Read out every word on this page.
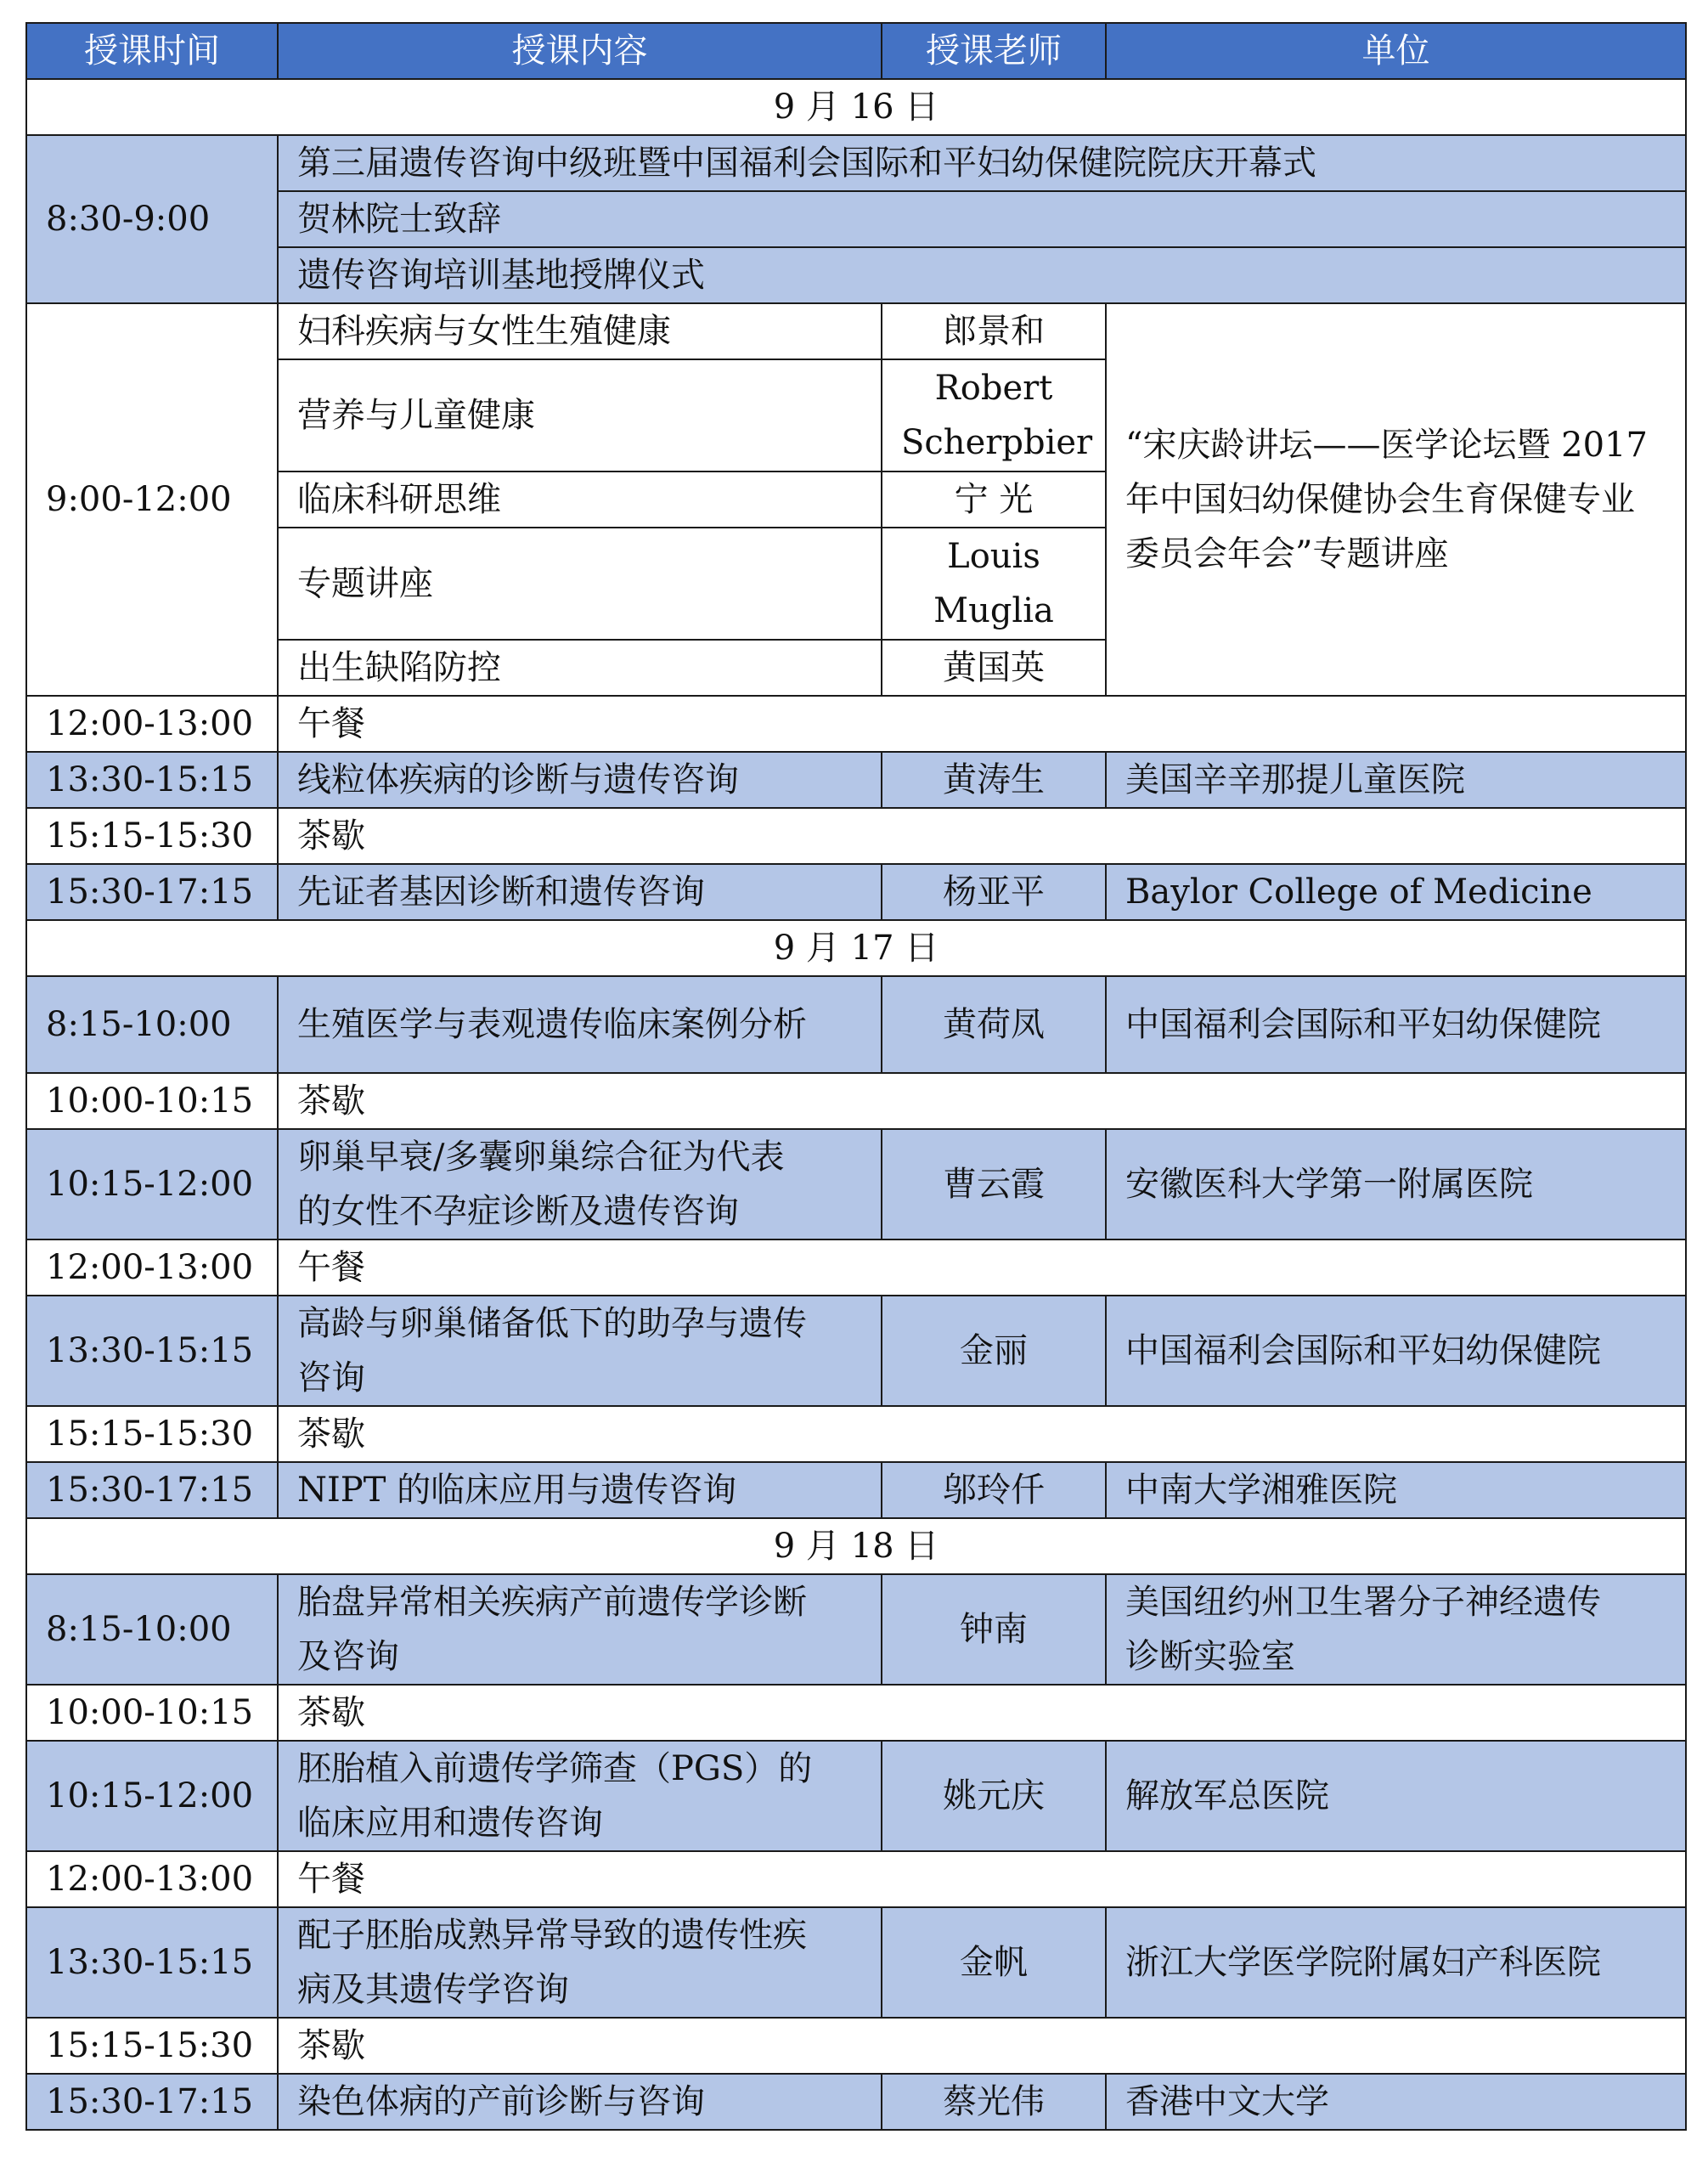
授课时间	授课内容	授课老师	单位
9 月 16 日			
8:30-9:00	第三届遗传咨询中级班暨中国福利会国际和平妇幼保健院院庆开幕式		
	贺林院士致辞		
	遗传咨询培训基地授牌仪式		
9:00-12:00	妇科疾病与女性生殖健康	郎景和	“宋庆龄讲坛——医学论坛暨 2017 年中国妇幼保健协会生育保健专业委员会年会”专题讲座
	营养与儿童健康	Robert
Scherpbier	

	临床科研思维	宁 光	
	专题讲座	Louis
Muglia	

	出生缺陷防控	黄国英	
12:00-13:00	午餐		

13:30-15:15	线粒体疾病的诊断与遗传咨询	黄涛生	美国辛辛那提儿童医院

15:15-15:30	茶歇		

15:30-17:15	先证者基因诊断和遗传咨询	杨亚平	Baylor College of Medicine

9 月 17 日			
8:15-10:00	生殖医学与表观遗传临床案例分析	黄荷凤	中国福利会国际和平妇幼保健院

10:00-10:15	茶歇		

10:15-12:00	卵巢早衰/多囊卵巢综合征为代表
的女性不孕症诊断及遗传咨询	曹云霞	安徽医科大学第一附属医院

12:00-13:00	午餐		

13:30-15:15	高龄与卵巢储备低下的助孕与遗传
咨询	金丽	中国福利会国际和平妇幼保健院

15:15-15:30	茶歇		

15:30-17:15	NIPT 的临床应用与遗传咨询	邬玲仟	中南大学湘雅医院

9 月 18 日			
8:15-10:00	胎盘异常相关疾病产前遗传学诊断
及咨询	钟南	美国纽约州卫生署分子神经遗传
诊断实验室

10:00-10:15	茶歇		

10:15-12:00	胚胎植入前遗传学筛查（PGS）的
临床应用和遗传咨询	姚元庆	解放军总医院

12:00-13:00	午餐		

13:30-15:15	配子胚胎成熟异常导致的遗传性疾
病及其遗传学咨询	金帆	浙江大学医学院附属妇产科医院

15:15-15:30	茶歇		

15:30-17:15	染色体病的产前诊断与咨询	蔡光伟	香港中文大学
